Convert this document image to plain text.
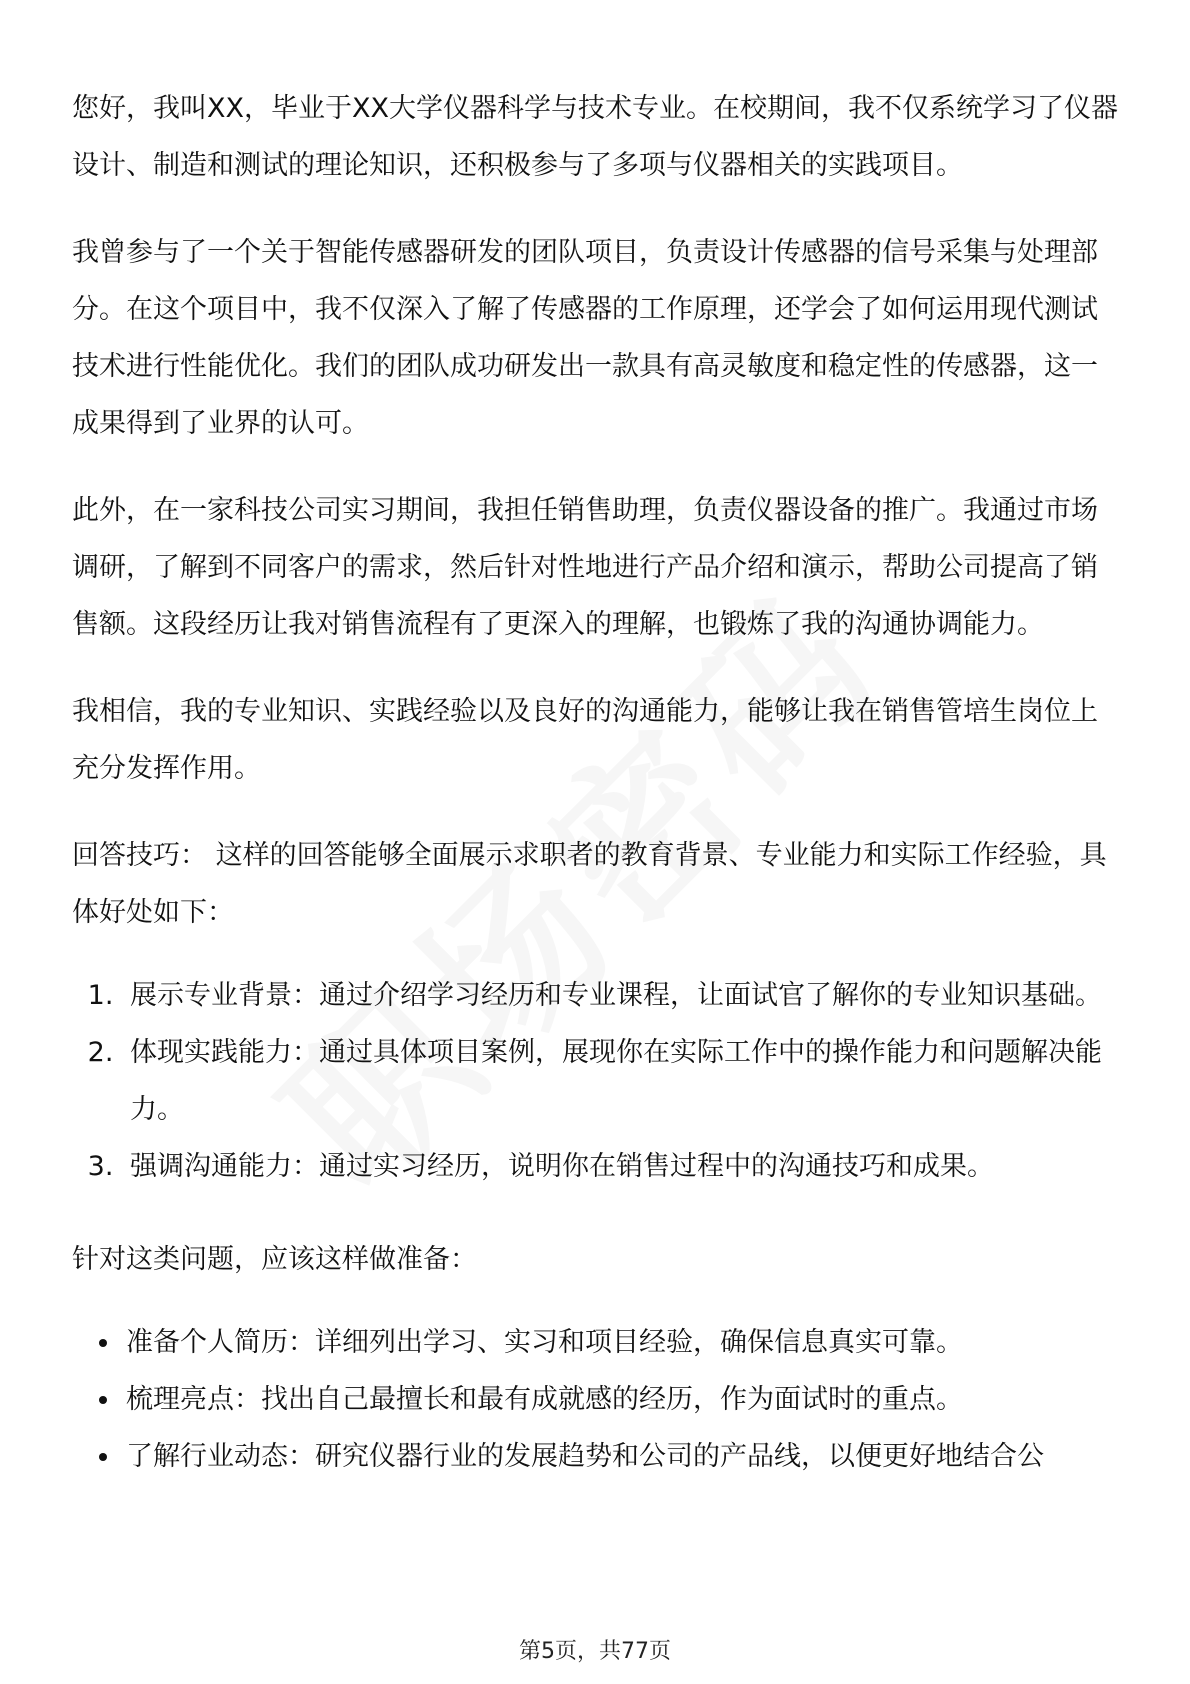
您好，我叫XX，毕业于XX大学仪器科学与技术专业。在校期间，我不仅系统学习了仪器设计、制造和测试的理论知识，还积极参与了多项与仪器相关的实践项目。

我曾参与了一个关于智能传感器研发的团队项目，负责设计传感器的信号采集与处理部分。在这个项目中，我不仅深入了解了传感器的工作原理，还学会了如何运用现代测试技术进行性能优化。我们的团队成功研发出一款具有高灵敏度和稳定性的传感器，这一成果得到了业界的认可。

此外，在一家科技公司实习期间，我担任销售助理，负责仪器设备的推广。我通过市场调研，了解到不同客户的需求，然后针对性地进行产品介绍和演示，帮助公司提高了销售额。这段经历让我对销售流程有了更深入的理解，也锻炼了我的沟通协调能力。

我相信，我的专业知识、实践经验以及良好的沟通能力，能够让我在销售管培生岗位上充分发挥作用。

回答技巧： 这样的回答能够全面展示求职者的教育背景、专业能力和实际工作经验，具体好处如下：

1. 展示专业背景：通过介绍学习经历和专业课程，让面试官了解你的专业知识基础。
2. 体现实践能力：通过具体项目案例，展现你在实际工作中的操作能力和问题解决能力。
3. 强调沟通能力：通过实习经历，说明你在销售过程中的沟通技巧和成果。

针对这类问题，应该这样做准备：

• 准备个人简历：详细列出学习、实习和项目经验，确保信息真实可靠。
• 梳理亮点：找出自己最擅长和最有成就感的经历，作为面试时的重点。
• 了解行业动态：研究仪器行业的发展趋势和公司的产品线，以便更好地结合公
第5页，共77页
